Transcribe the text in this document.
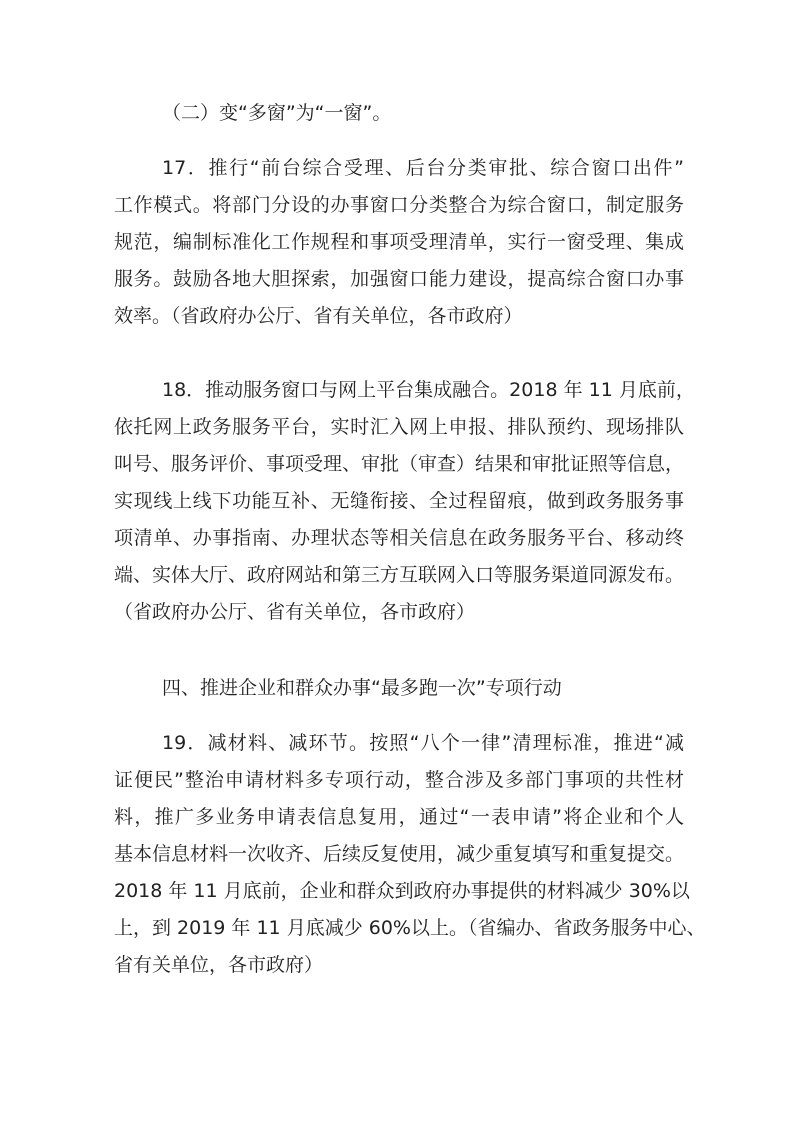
（二）变“多窗”为“一窗”。
17．推行“前台综合受理、后台分类审批、综合窗口出件”
工作模式。将部门分设的办事窗口分类整合为综合窗口，制定服务
规范，编制标准化工作规程和事项受理清单，实行一窗受理、集成
服务。鼓励各地大胆探索，加强窗口能力建设，提高综合窗口办事
效率。（省政府办公厅、省有关单位，各市政府）
18．推动服务窗口与网上平台集成融合。2018 年 11 月底前，
依托网上政务服务平台，实时汇入网上申报、排队预约、现场排队
叫号、服务评价、事项受理、审批（审查）结果和审批证照等信息，
实现线上线下功能互补、无缝衔接、全过程留痕，做到政务服务事
项清单、办事指南、办理状态等相关信息在政务服务平台、移动终
端、实体大厅、政府网站和第三方互联网入口等服务渠道同源发布。
（省政府办公厅、省有关单位，各市政府）
四、推进企业和群众办事“最多跑一次”专项行动
19．减材料、减环节。按照“八个一律”清理标准，推进“减
证便民”整治申请材料多专项行动，整合涉及多部门事项的共性材
料，推广多业务申请表信息复用，通过“一表申请”将企业和个人
基本信息材料一次收齐、后续反复使用，减少重复填写和重复提交。
2018 年 11 月底前，企业和群众到政府办事提供的材料减少 30%以
上，到 2019 年 11 月底减少 60%以上。（省编办、省政务服务中心、
省有关单位，各市政府）
